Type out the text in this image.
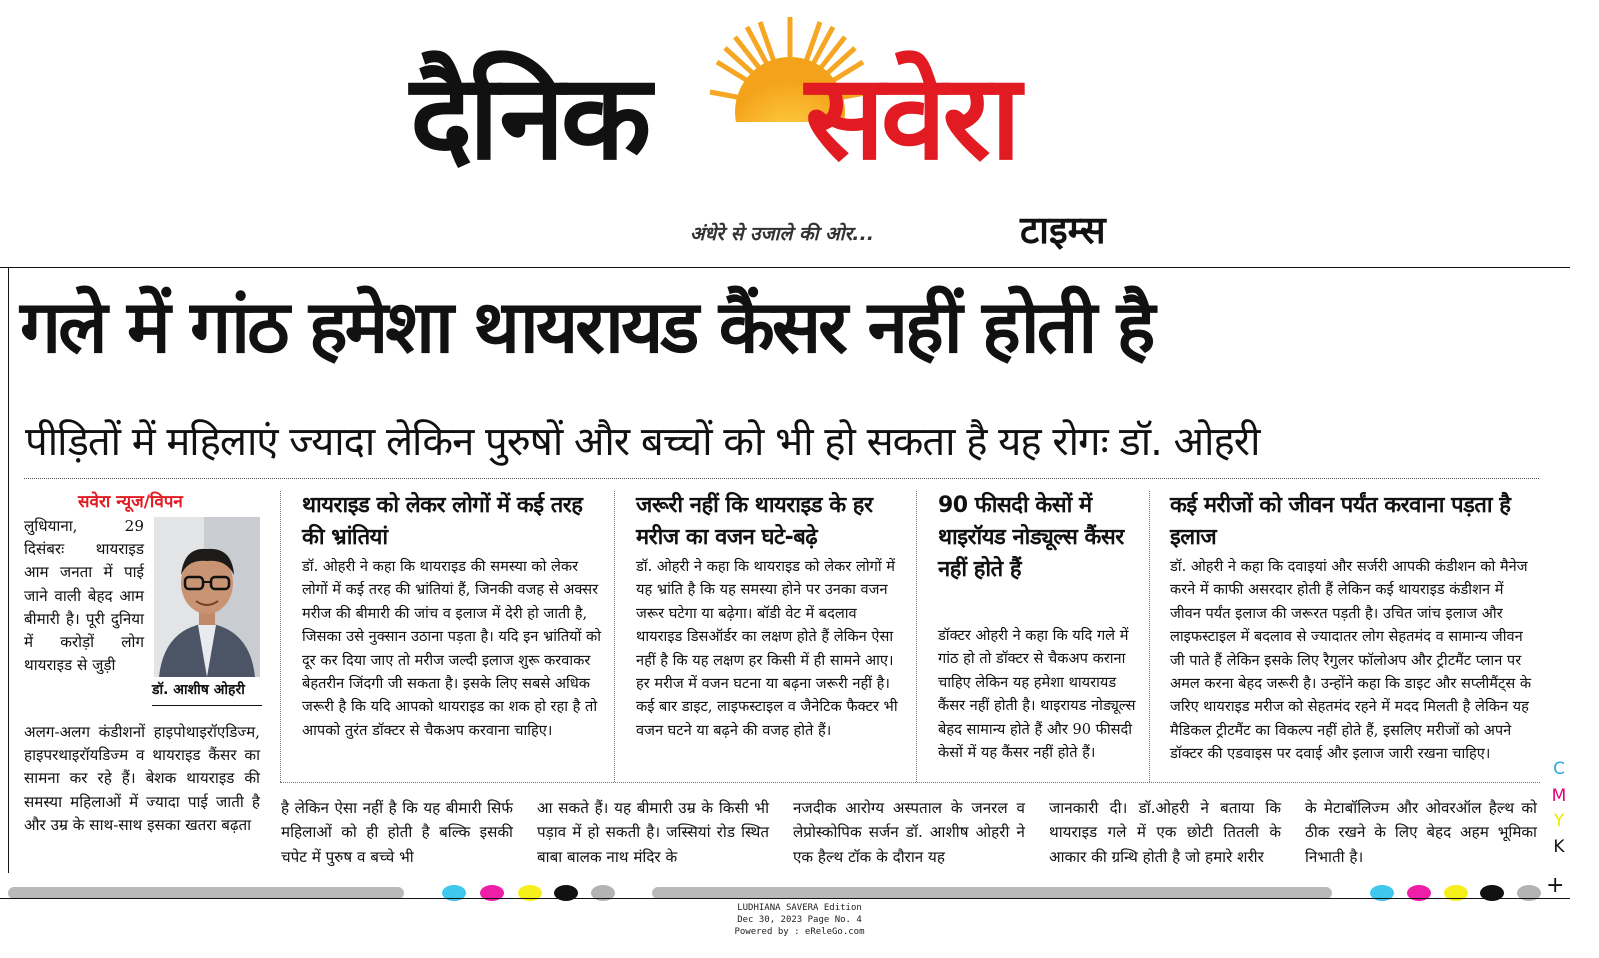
दैनिक सवेरा
अंधेरे से उजाले की ओर...	टाइम्स
गले में गांठ हमेशा थायरायड कैंसर नहीं होती है
पीड़ितों में महिलाएं ज्यादा लेकिन पुरुषों और बच्चों को भी हो सकता है यह रोगः डॉ. ओहरी
सवेरा न्यूज/विपन
लुधियाना, 29 दिसंबरः थायराइड आम जनता में पाई जाने वाली बेहद आम बीमारी है। पूरी दुनिया में करोड़ों लोग थायराइड से जुड़ी
डॉ. आशीष ओहरी
अलग-अलग कंडीशनों हाइपोथाइरॉएडिज्म, हाइपरथाइरॉयडिज्म व थायराइड कैंसर का सामना कर रहे हैं। बेशक थायराइड की समस्या महिलाओं में ज्यादा पाई जाती है और उम्र के साथ-साथ इसका खतरा बढ़ता
थायराइड को लेकर लोगों में कई तरह की भ्रांतियां
डॉ. ओहरी ने कहा कि थायराइड की समस्या को लेकर लोगों में कई तरह की भ्रांतियां हैं, जिनकी वजह से अक्सर मरीज की बीमारी की जांच व इलाज में देरी हो जाती है, जिसका उसे नुक्सान उठाना पड़ता है। यदि इन भ्रांतियों को दूर कर दिया जाए तो मरीज जल्दी इलाज शुरू करवाकर बेहतरीन जिंदगी जी सकता है। इसके लिए सबसे अधिक जरूरी है कि यदि आपको थायराइड का शक हो रहा है तो आपको तुरंत डॉक्टर से चैकअप करवाना चाहिए।
जरूरी नहीं कि थायराइड के हर मरीज का वजन घटे-बढ़े
डॉ. ओहरी ने कहा कि थायराइड को लेकर लोगों में यह भ्रांति है कि यह समस्या होने पर उनका वजन जरूर घटेगा या बढ़ेगा। बॉडी वेट में बदलाव थायराइड डिसऑर्डर का लक्षण होते हैं लेकिन ऐसा नहीं है कि यह लक्षण हर किसी में ही सामने आए। हर मरीज में वजन घटना या बढ़ना जरूरी नहीं है। कई बार डाइट, लाइफस्टाइल व जैनेटिक फैक्टर भी वजन घटने या बढ़ने की वजह होते हैं।
90 फीसदी केसों में थाइरॉयड नोड्यूल्स कैंसर नहीं होते हैं
डॉक्टर ओहरी ने कहा कि यदि गले में गांठ हो तो डॉक्टर से चैकअप कराना चाहिए लेकिन यह हमेशा थायरायड कैंसर नहीं होती है। थाइरायड नोड्यूल्स बेहद सामान्य होते हैं और 90 फीसदी केसों में यह कैंसर नहीं होते हैं।
कई मरीजों को जीवन पर्यंत करवाना पड़ता है इलाज
डॉ. ओहरी ने कहा कि दवाइयां और सर्जरी आपकी कंडीशन को मैनेज करने में काफी असरदार होती हैं लेकिन कई थायराइड कंडीशन में जीवन पर्यंत इलाज की जरूरत पड़ती है। उचित जांच इलाज और लाइफस्टाइल में बदलाव से ज्यादातर लोग सेहतमंद व सामान्य जीवन जी पाते हैं लेकिन इसके लिए रैगुलर फॉलोअप और ट्रीटमैंट प्लान पर अमल करना बेहद जरूरी है। उन्होंने कहा कि डाइट और सप्लीमैंट्स के जरिए थायराइड मरीज को सेहतमंद रहने में मदद मिलती है लेकिन यह मैडिकल ट्रीटमैंट का विकल्प नहीं होते हैं, इसलिए मरीजों को अपने डॉक्टर की एडवाइस पर दवाई और इलाज जारी रखना चाहिए।
है लेकिन ऐसा नहीं है कि यह बीमारी सिर्फ महिलाओं को ही होती है बल्कि इसकी चपेट में पुरुष व बच्चे भी
आ सकते हैं। यह बीमारी उम्र के किसी भी पड़ाव में हो सकती है। जस्सियां रोड स्थित बाबा बालक नाथ मंदिर के
नजदीक आरोग्य अस्पताल के जनरल व लेप्रोस्कोपिक सर्जन डॉ. आशीष ओहरी ने एक हैल्थ टॉक के दौरान यह
जानकारी दी। डॉ.ओहरी ने बताया कि थायराइड गले में एक छोटी तितली के आकार की ग्रन्थि होती है जो हमारे शरीर
के मेटाबॉलिज्म और ओवरऑल हैल्थ को ठीक रखने के लिए बेहद अहम भूमिका निभाती है।
C
M
Y
K
+
LUDHIANA SAVERA Edition
Dec 30, 2023 Page No. 4
Powered by : eReleGo.com
